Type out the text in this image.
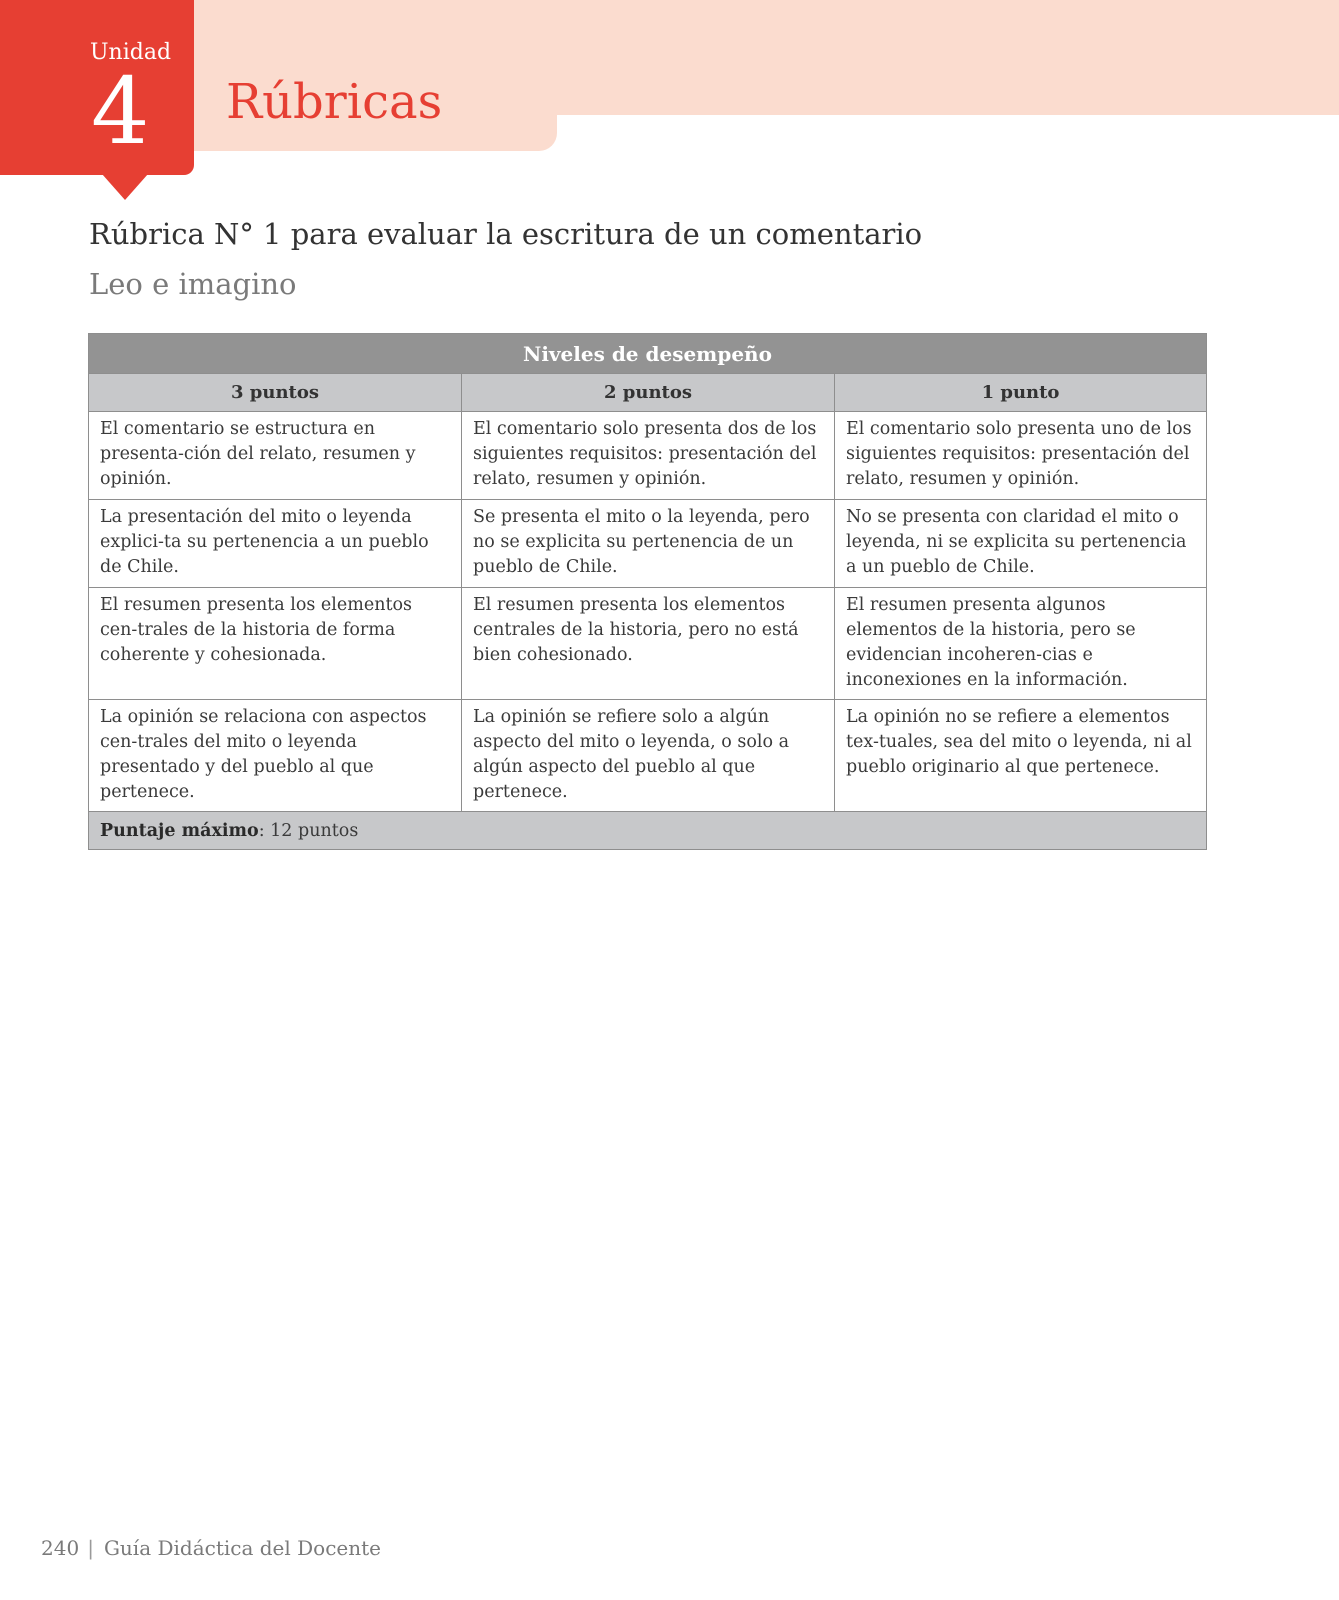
Unidad
4	Rúbricas
Rúbrica N° 1 para evaluar la escritura de un comentario
Leo e imagino
Niveles de desempeño		
3 puntos	2 puntos	1 punto
El comentario se estructura en presenta-ción del relato, resumen y opinión.	El comentario solo presenta dos de los siguientes requisitos: presentación del relato, resumen y opinión.	El comentario solo presenta uno de los siguientes requisitos: presentación del relato, resumen y opinión.
La presentación del mito o leyenda explici-ta su pertenencia a un pueblo de Chile.	Se presenta el mito o la leyenda, pero no se explicita su pertenencia de un pueblo de Chile.	No se presenta con claridad el mito o leyenda, ni se explicita su pertenencia a un pueblo de Chile.
El resumen presenta los elementos cen-trales de la historia de forma coherente y cohesionada.	El resumen presenta los elementos centrales de la historia, pero no está bien cohesionado.	El resumen presenta algunos elementos de la historia, pero se evidencian incoheren-cias e inconexiones en la información.
La opinión se relaciona con aspectos cen-trales del mito o leyenda presentado y del pueblo al que pertenece.	La opinión se refiere solo a algún aspecto del mito o leyenda, o solo a algún aspecto del pueblo al que pertenece.	La opinión no se refiere a elementos tex-tuales, sea del mito o leyenda, ni al pueblo originario al que pertenece.
Puntaje máximo: 12 puntos		
240 | Guía Didáctica del Docente
